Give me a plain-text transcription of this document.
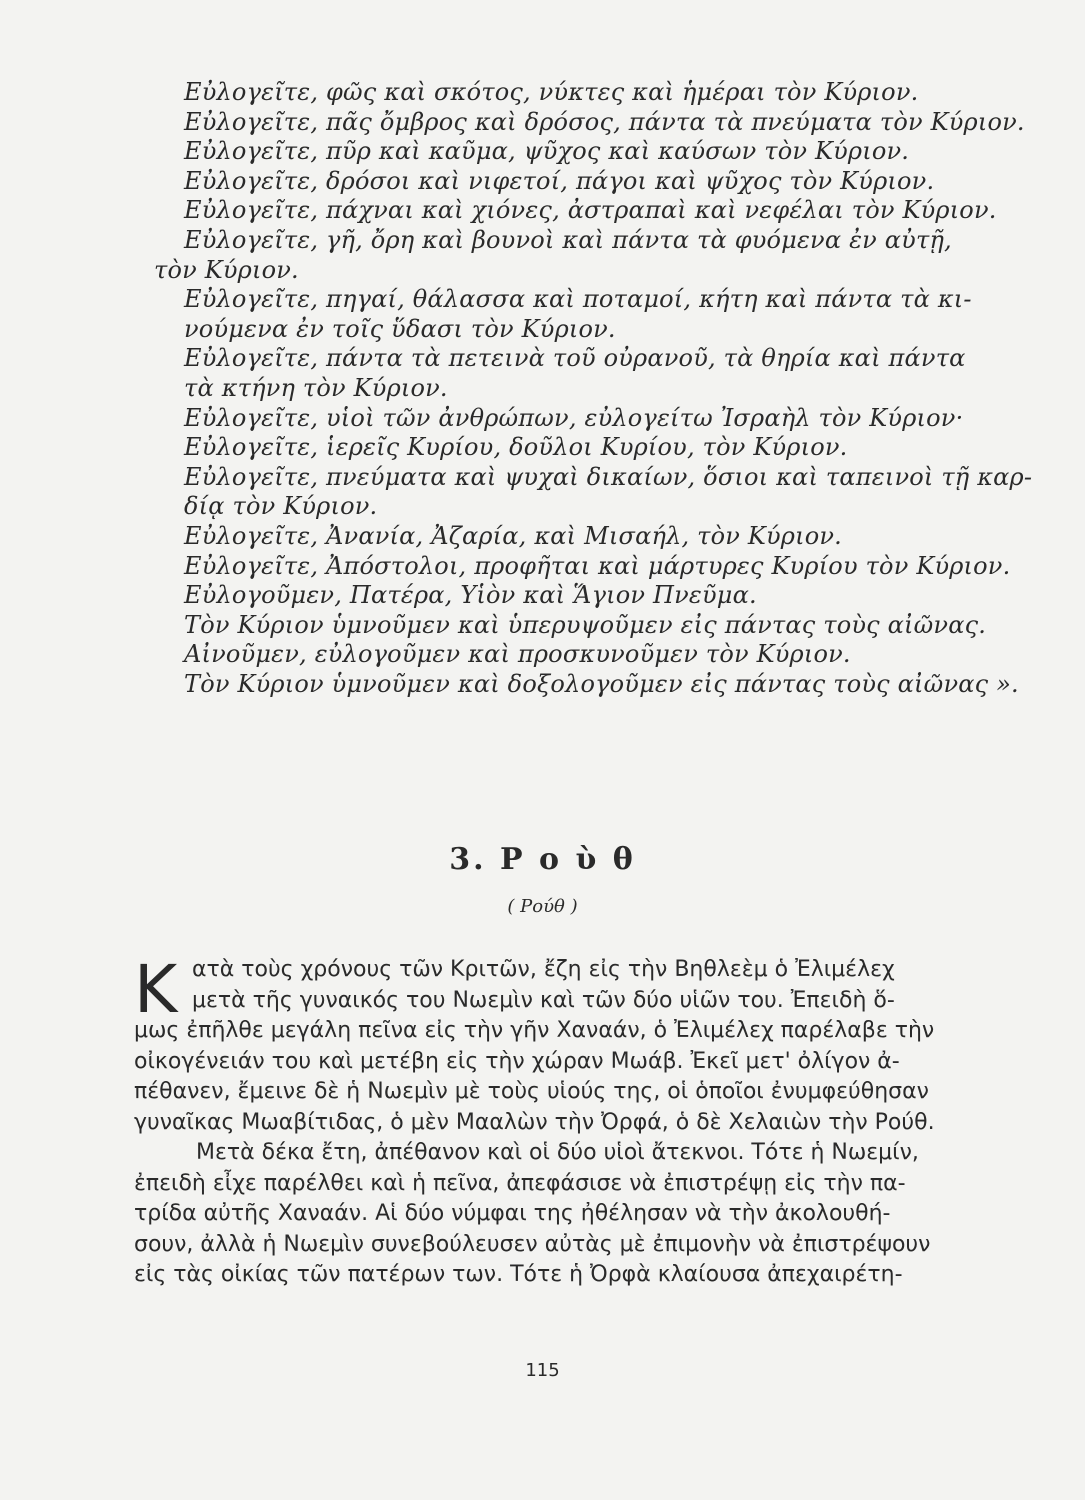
Εὐλογεῖτε, φῶς καὶ σκότος, νύκτες καὶ ἡμέραι τὸν Κύριον.
Εὐλογεῖτε, πᾶς ὄμβρος καὶ δρόσος, πάντα τὰ πνεύματα τὸν Κύριον.
Εὐλογεῖτε, πῦρ καὶ καῦμα, ψῦχος καὶ καύσων τὸν Κύριον.
Εὐλογεῖτε, δρόσοι καὶ νιφετοί, πάγοι καὶ ψῦχος τὸν Κύριον.
Εὐλογεῖτε, πάχναι καὶ χιόνες, ἀστραπαὶ καὶ νεφέλαι τὸν Κύριον.
Εὐλογεῖτε, γῆ, ὄρη καὶ βουνοὶ καὶ πάντα τὰ φυόμενα ἐν αὐτῇ,
τὸν Κύριον.
Εὐλογεῖτε, πηγαί, θάλασσα καὶ ποταμοί, κήτη καὶ πάντα τὰ κι-
νούμενα ἐν τοῖς ὕδασι τὸν Κύριον.
Εὐλογεῖτε, πάντα τὰ πετεινὰ τοῦ οὐρανοῦ, τὰ θηρία καὶ πάντα
τὰ κτήνη τὸν Κύριον.
Εὐλογεῖτε, υἱοὶ τῶν ἀνθρώπων, εὐλογείτω Ἰσραὴλ τὸν Κύριον·
Εὐλογεῖτε, ἱερεῖς Κυρίου, δοῦλοι Κυρίου, τὸν Κύριον.
Εὐλογεῖτε, πνεύματα καὶ ψυχαὶ δικαίων, ὅσιοι καὶ ταπεινοὶ τῇ καρ-
δίᾳ τὸν Κύριον.
Εὐλογεῖτε, Ἀνανία, Ἀζαρία, καὶ Μισαήλ, τὸν Κύριον.
Εὐλογεῖτε, Ἀπόστολοι, προφῆται καὶ μάρτυρες Κυρίου τὸν Κύριον.
Εὐλογοῦμεν, Πατέρα, Υἱὸν καὶ Ἅγιον Πνεῦμα.
Τὸν Κύριον ὑμνοῦμεν καὶ ὑπερυψοῦμεν εἰς πάντας τοὺς αἰῶνας.
Αἰνοῦμεν, εὐλογοῦμεν καὶ προσκυνοῦμεν τὸν Κύριον.
Τὸν Κύριον ὑμνοῦμεν καὶ δοξολογοῦμεν εἰς πάντας τοὺς αἰῶνας ».
3. Ρ ο ὺ θ
( Ρούθ )
Κ ατὰ τοὺς χρόνους τῶν Κριτῶν, ἔζη εἰς τὴν Βηθλεὲμ ὁ Ἐλιμέλεχ
μετὰ τῆς γυναικός του Νωεμὶν καὶ τῶν δύο υἱῶν του. Ἐπειδὴ ὅ-
μως ἐπῆλθε μεγάλη πεῖνα εἰς τὴν γῆν Χαναάν, ὁ Ἐλιμέλεχ παρέλαβε τὴν
οἰκογένειάν του καὶ μετέβη εἰς τὴν χώραν Μωάβ. Ἐκεῖ μετ' ὀλίγον ἀ-
πέθανεν, ἔμεινε δὲ ἡ Νωεμὶν μὲ τοὺς υἱούς της, οἱ ὁποῖοι ἐνυμφεύθησαν
γυναῖκας Μωαβίτιδας, ὁ μὲν Μααλὼν τὴν Ὀρφά, ὁ δὲ Χελαιὼν τὴν Ρούθ.
Μετὰ δέκα ἔτη, ἀπέθανον καὶ οἱ δύο υἱοὶ ἄτεκνοι. Τότε ἡ Νωεμίν,
ἐπειδὴ εἶχε παρέλθει καὶ ἡ πεῖνα, ἀπεφάσισε νὰ ἐπιστρέψῃ εἰς τὴν πα-
τρίδα αὐτῆς Χαναάν. Αἱ δύο νύμφαι της ἠθέλησαν νὰ τὴν ἀκολουθή-
σουν, ἀλλὰ ἡ Νωεμὶν συνεβούλευσεν αὐτὰς μὲ ἐπιμονὴν νὰ ἐπιστρέψουν
εἰς τὰς οἰκίας τῶν πατέρων των. Τότε ἡ Ὀρφὰ κλαίουσα ἀπεχαιρέτη-
115
